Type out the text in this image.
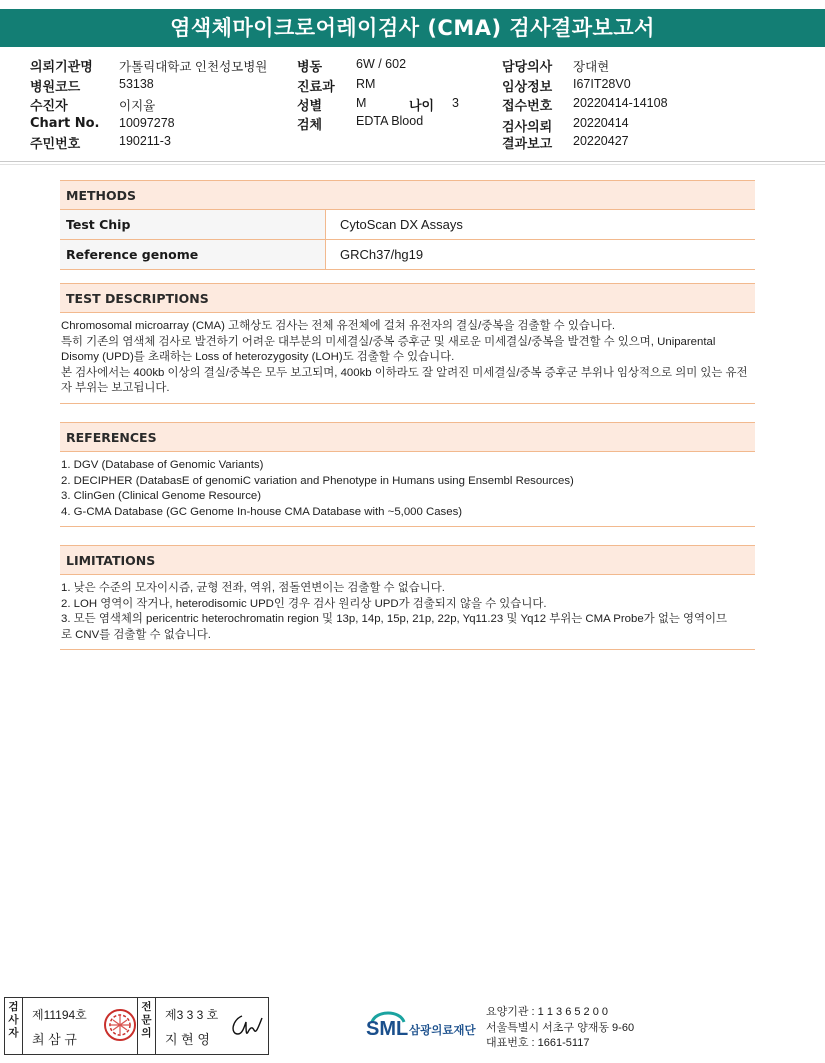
염색체마이크로어레이검사 (CMA) 검사결과보고서
의뢰기관명 가톨릭대학교 인천성모병원
병원코드	53138
수진자	이지율
Chart No. 10097278
주민번호	190211-3
병동	6W / 602
진료과 RM
성별	M	나이 3
검체	EDTA Blood
담당의사 장대현
임상정보 I67IT28V0
접수번호 20220414-14108
검사의뢰 20220414
결과보고 20220427
METHODS
Test Chip	CytoScan DX Assays
Reference genome	GRCh37/hg19
TEST DESCRIPTIONS
Chromosomal microarray (CMA) 고해상도 검사는 전체 유전체에 걸쳐 유전자의 결실/중복을 검출할 수 있습니다.
특히 기존의 염색체 검사로 발견하기 어려운 대부분의 미세결실/중복 증후군 및 새로운 미세결실/중복을 발견할 수 있으며, Uniparental
Disomy (UPD)를 초래하는 Loss of heterozygosity (LOH)도 검출할 수 있습니다.
본 검사에서는 400kb 이상의 결실/중복은 모두 보고되며, 400kb 이하라도 잘 알려진 미세결실/중복 증후군 부위나 임상적으로 의미 있는 유전
자 부위는 보고됩니다.
REFERENCES
1. DGV (Database of Genomic Variants)
2. DECIPHER (DatabasE of genomiC variation and Phenotype in Humans using Ensembl Resources)
3. ClinGen (Clinical Genome Resource)
4. G-CMA Database (GC Genome In-house CMA Database with ~5,000 Cases)
LIMITATIONS
1. 낮은 수준의 모자이시즘, 균형 전좌, 역위, 점돌연변이는 검출할 수 없습니다.
2. LOH 영역이 작거나, heterodisomic UPD인 경우 검사 원리상 UPD가 검출되지 않을 수 있습니다.
3. 모든 염색체의 pericentric heterochromatin region 및 13p, 14p, 15p, 21p, 22p, Yq11.23 및 Yq12 부위는 CMA Probe가 없는 영역이므
로 CNV를 검출할 수 없습니다.
검
사
자
제11194호
최 삼 규
전
문
의
제3 3 3 호
지 현 영	SML 삼광의료재단
요양기관 : 1 1 3 6 5 2 0 0
서울특별시 서초구 양재동 9-60
대표번호 : 1661-5117
